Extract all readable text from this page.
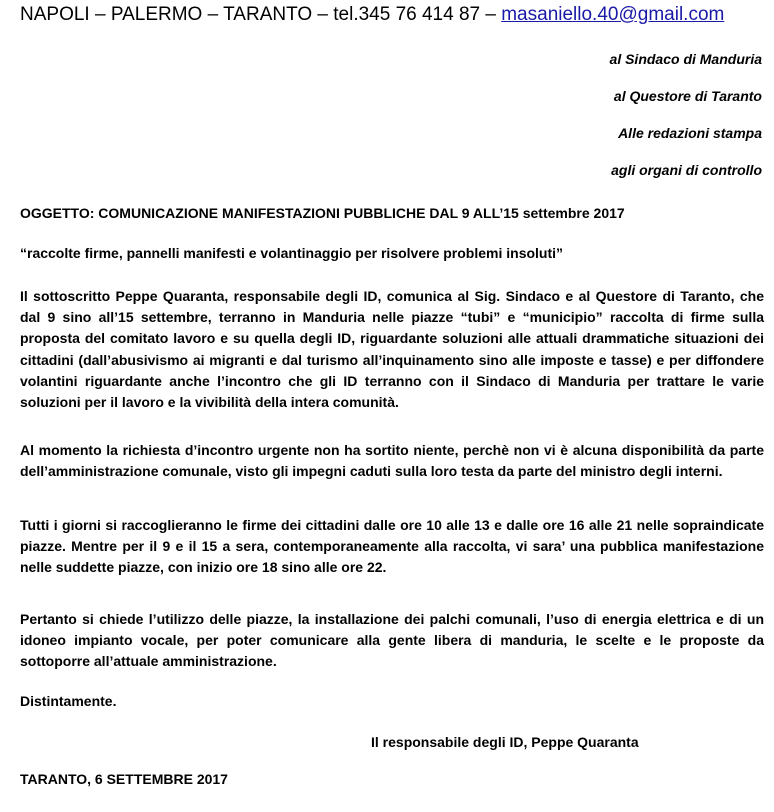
NAPOLI – PALERMO – TARANTO – tel.345 76 414 87 – masaniello.40@gmail.com
al Sindaco di Manduria
al Questore di Taranto
Alle redazioni stampa
agli organi di controllo
OGGETTO: COMUNICAZIONE MANIFESTAZIONI PUBBLICHE DAL 9 ALL’15 settembre 2017
“raccolte firme, pannelli manifesti e volantinaggio per risolvere problemi insoluti”
Il sottoscritto Peppe Quaranta, responsabile degli ID, comunica al Sig. Sindaco e al Questore di Taranto, che dal 9 sino all’15 settembre, terranno in Manduria nelle piazze “tubi” e “municipio” raccolta di firme sulla proposta del comitato lavoro e su quella degli ID, riguardante soluzioni alle attuali drammatiche situazioni dei cittadini (dall’abusivismo ai migranti e dal turismo all’inquinamento sino alle imposte e tasse) e per diffondere volantini riguardante anche l’incontro che gli ID terranno con il Sindaco di Manduria per trattare le varie soluzioni per il lavoro e la vivibilità della intera comunità.
Al momento la richiesta d’incontro urgente non ha sortito niente, perchè non vi è alcuna disponibilità da parte dell’amministrazione comunale, visto gli impegni caduti sulla loro testa da parte del ministro degli interni.
Tutti i giorni si raccoglieranno le firme dei cittadini dalle ore 10 alle 13 e dalle ore 16 alle 21 nelle sopraindicate piazze. Mentre per il 9 e il 15 a sera, contemporaneamente alla raccolta, vi sara’ una pubblica manifestazione nelle suddette piazze, con inizio ore 18 sino alle ore 22.
Pertanto si chiede l’utilizzo delle piazze, la installazione dei palchi comunali, l’uso di energia elettrica e di un idoneo impianto vocale, per poter comunicare alla gente libera di manduria, le scelte e le proposte da sottoporre all’attuale amministrazione.
Distintamente.
Il responsabile degli ID, Peppe Quaranta
TARANTO, 6 SETTEMBRE 2017
